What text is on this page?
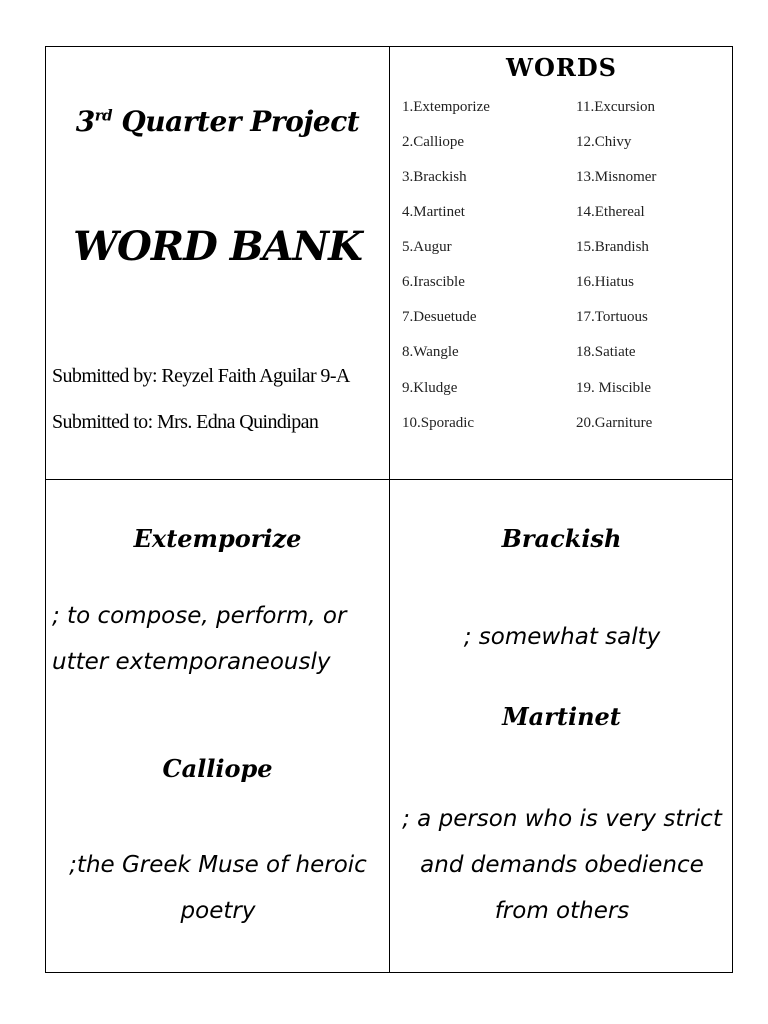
3rd Quarter Project
WORD BANK
Submitted by: Reyzel Faith Aguilar 9-A
Submitted to: Mrs. Edna Quindipan
WORDS
1.Extemporize
2.Calliope
3.Brackish
4.Martinet
5.Augur
6.Irascible
7.Desuetude
8.Wangle
9.Kludge
10.Sporadic
11.Excursion
12.Chivy
13.Misnomer
14.Ethereal
15.Brandish
16.Hiatus
17.Tortuous
18.Satiate
19. Miscible
20.Garniture
Extemporize
; to compose, perform, or utter extemporaneously
Calliope
;the Greek Muse of heroic poetry
Brackish
; somewhat salty
Martinet
; a person who is very strict and demands obedience from others
